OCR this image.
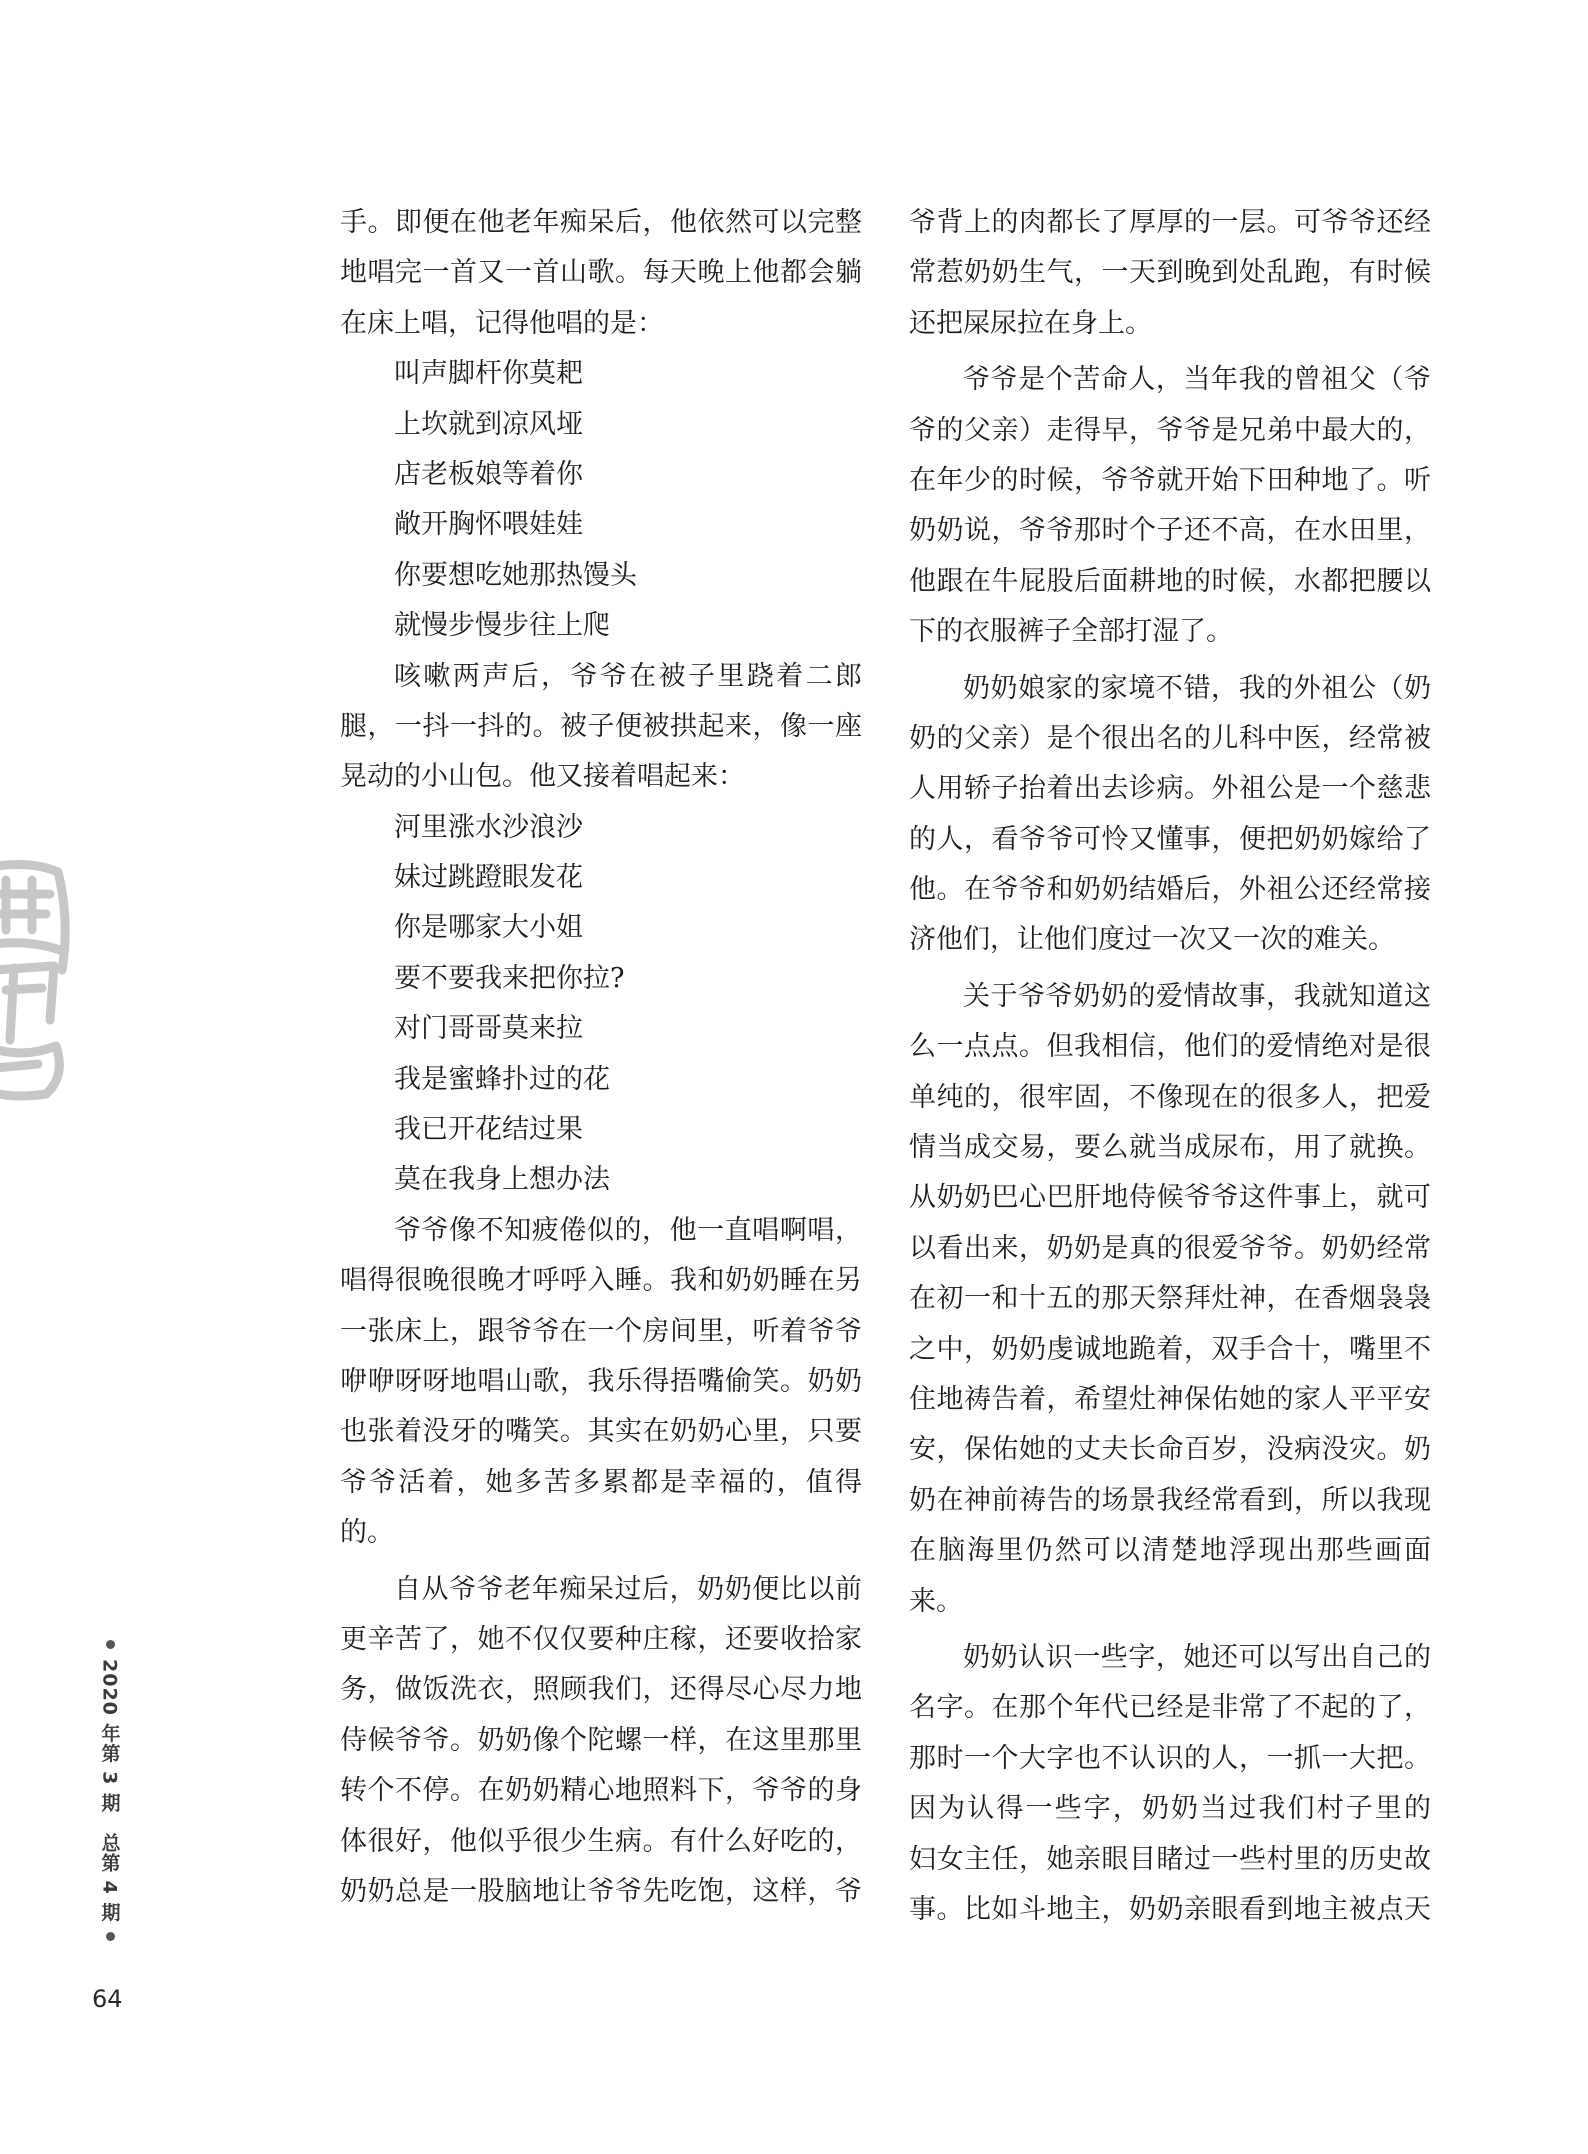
手。即便在他老年痴呆后，他依然可以完整
地唱完一首又一首山歌。每天晚上他都会躺
在床上唱，记得他唱的是：
叫声脚杆你莫耙
上坎就到凉风垭
店老板娘等着你
敞开胸怀喂娃娃
你要想吃她那热馒头
就慢步慢步往上爬
咳嗽两声后，爷爷在被子里跷着二郎
腿，一抖一抖的。被子便被拱起来，像一座
晃动的小山包。他又接着唱起来：
河里涨水沙浪沙
妹过跳蹬眼发花
你是哪家大小姐
要不要我来把你拉?
对门哥哥莫来拉
我是蜜蜂扑过的花
我已开花结过果
莫在我身上想办法
爷爷像不知疲倦似的，他一直唱啊唱，
唱得很晚很晚才呼呼入睡。我和奶奶睡在另
一张床上，跟爷爷在一个房间里，听着爷爷
咿咿呀呀地唱山歌，我乐得捂嘴偷笑。奶奶
也张着没牙的嘴笑。其实在奶奶心里，只要
爷爷活着，她多苦多累都是幸福的，值得
的。
自从爷爷老年痴呆过后，奶奶便比以前
更辛苦了，她不仅仅要种庄稼，还要收拾家
务，做饭洗衣，照顾我们，还得尽心尽力地
侍候爷爷。奶奶像个陀螺一样，在这里那里
转个不停。在奶奶精心地照料下，爷爷的身
体很好，他似乎很少生病。有什么好吃的，
奶奶总是一股脑地让爷爷先吃饱，这样，爷
爷背上的肉都长了厚厚的一层。可爷爷还经
常惹奶奶生气，一天到晚到处乱跑，有时候
还把屎尿拉在身上。
爷爷是个苦命人，当年我的曾祖父（爷
爷的父亲）走得早，爷爷是兄弟中最大的，
在年少的时候，爷爷就开始下田种地了。听
奶奶说，爷爷那时个子还不高，在水田里，
他跟在牛屁股后面耕地的时候，水都把腰以
下的衣服裤子全部打湿了。
奶奶娘家的家境不错，我的外祖公（奶
奶的父亲）是个很出名的儿科中医，经常被
人用轿子抬着出去诊病。外祖公是一个慈悲
的人，看爷爷可怜又懂事，便把奶奶嫁给了
他。在爷爷和奶奶结婚后，外祖公还经常接
济他们，让他们度过一次又一次的难关。
关于爷爷奶奶的爱情故事，我就知道这
么一点点。但我相信，他们的爱情绝对是很
单纯的，很牢固，不像现在的很多人，把爱
情当成交易，要么就当成尿布，用了就换。
从奶奶巴心巴肝地侍候爷爷这件事上，就可
以看出来，奶奶是真的很爱爷爷。奶奶经常
在初一和十五的那天祭拜灶神，在香烟袅袅
之中，奶奶虔诚地跪着，双手合十，嘴里不
住地祷告着，希望灶神保佑她的家人平平安
安，保佑她的丈夫长命百岁，没病没灾。奶
奶在神前祷告的场景我经常看到，所以我现
在脑海里仍然可以清楚地浮现出那些画面
来。
奶奶认识一些字，她还可以写出自己的
名字。在那个年代已经是非常了不起的了，
那时一个大字也不认识的人，一抓一大把。
因为认得一些字，奶奶当过我们村子里的
妇女主任，她亲眼目睹过一些村里的历史故
事。比如斗地主，奶奶亲眼看到地主被点天
2020 年第 3 期　总第 4 期
64
